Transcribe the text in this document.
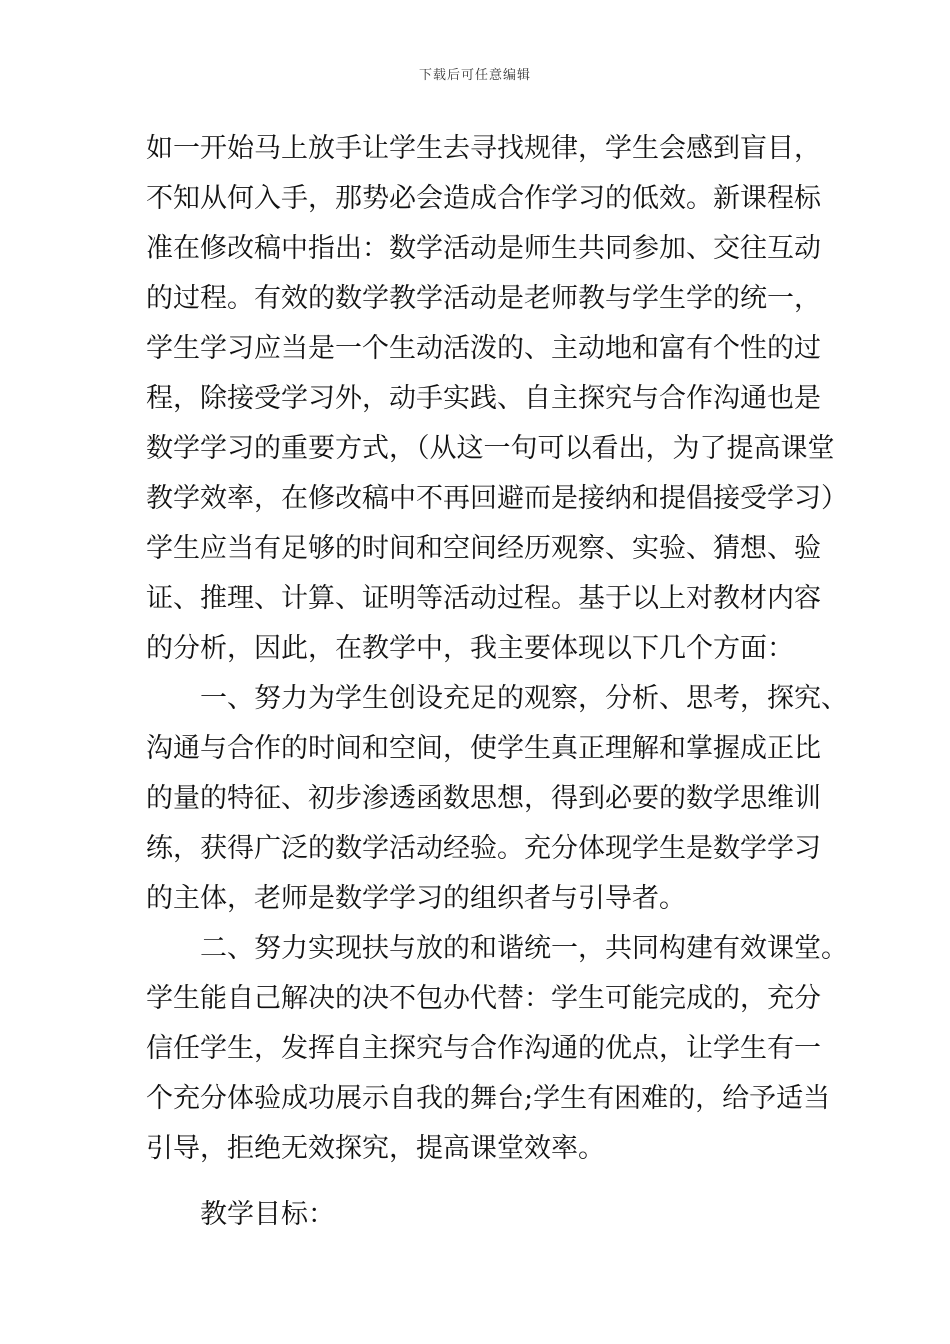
下载后可任意编辑
如一开始马上放手让学生去寻找规律，学生会感到盲目，
不知从何入手，那势必会造成合作学习的低效。新课程标
准在修改稿中指出：数学活动是师生共同参加、交往互动
的过程。有效的数学教学活动是老师教与学生学的统一，
学生学习应当是一个生动活泼的、主动地和富有个性的过
程，除接受学习外，动手实践、自主探究与合作沟通也是
数学学习的重要方式，（从这一句可以看出，为了提高课堂
教学效率，在修改稿中不再回避而是接纳和提倡接受学习）
学生应当有足够的时间和空间经历观察、实验、猜想、验
证、推理、计算、证明等活动过程。基于以上对教材内容
的分析，因此，在教学中，我主要体现以下几个方面：
一、努力为学生创设充足的观察，分析、思考，探究、
沟通与合作的时间和空间，使学生真正理解和掌握成正比
的量的特征、初步渗透函数思想，得到必要的数学思维训
练，获得广泛的数学活动经验。充分体现学生是数学学习
的主体，老师是数学学习的组织者与引导者。
二、努力实现扶与放的和谐统一，共同构建有效课堂。
学生能自己解决的决不包办代替：学生可能完成的，充分
信任学生，发挥自主探究与合作沟通的优点，让学生有一
个充分体验成功展示自我的舞台;学生有困难的，给予适当
引导，拒绝无效探究，提高课堂效率。
教学目标：
